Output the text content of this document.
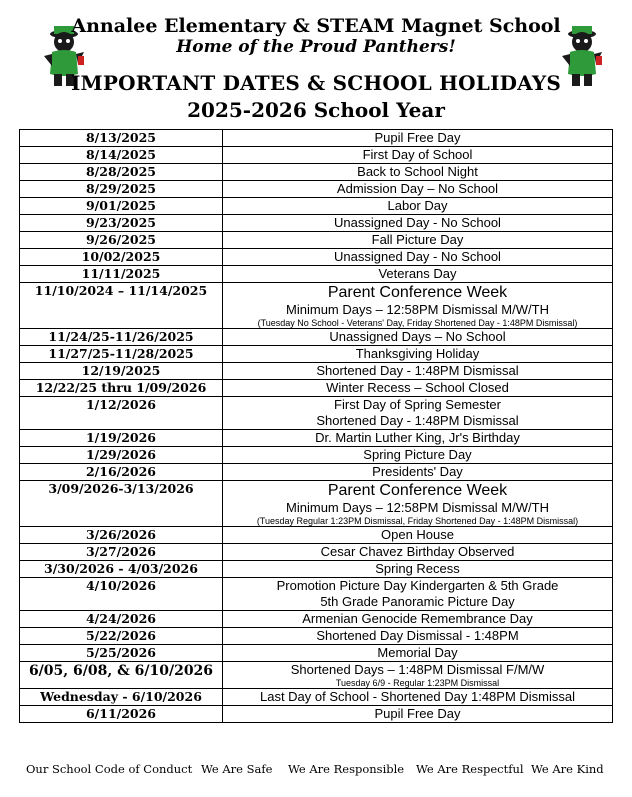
Annalee Elementary & STEAM Magnet School
Home of the Proud Panthers!
IMPORTANT DATES & SCHOOL HOLIDAYS
2025-2026 School Year
8/13/2025	Pupil Free Day

8/14/2025	First Day of School

8/28/2025	Back to School Night

8/29/2025	Admission Day – No School

9/01/2025	Labor Day

9/23/2025	Unassigned Day - No School

9/26/2025	Fall Picture Day

10/02/2025	Unassigned Day - No School

11/11/2025	Veterans Day

11/10/2024 – 11/14/2025	Parent Conference Week
Minimum Days – 12:58PM Dismissal M/W/TH
(Tuesday No School - Veterans' Day, Friday Shortened Day - 1:48PM Dismissal)

11/24/25-11/26/2025	Unassigned Days – No School

11/27/25-11/28/2025	Thanksgiving Holiday

12/19/2025	Shortened Day - 1:48PM Dismissal

12/22/25 thru 1/09/2026	Winter Recess – School Closed

1/12/2026	First Day of Spring Semester
Shortened Day - 1:48PM Dismissal

1/19/2026	Dr. Martin Luther King, Jr's Birthday

1/29/2026	Spring Picture Day

2/16/2026	Presidents' Day

3/09/2026-3/13/2026	Parent Conference Week
Minimum Days – 12:58PM Dismissal M/W/TH
(Tuesday Regular 1:23PM Dismissal, Friday Shortened Day - 1:48PM Dismissal)

3/26/2026	Open House

3/27/2026	Cesar Chavez Birthday Observed

3/30/2026 - 4/03/2026	Spring Recess

4/10/2026	Promotion Picture Day Kindergarten & 5th Grade
5th Grade Panoramic Picture Day

4/24/2026	Armenian Genocide Remembrance Day

5/22/2026	Shortened Day Dismissal - 1:48PM

5/25/2026	Memorial Day

6/05, 6/08, & 6/10/2026	Shortened Days – 1:48PM Dismissal F/M/W
Tuesday 6/9 - Regular 1:23PM Dismissal

Wednesday - 6/10/2026	Last Day of School - Shortened Day 1:48PM Dismissal

6/11/2026	Pupil Free Day
Our School Code of Conduct We Are Safe We Are Responsible We Are Respectful We Are Kind
